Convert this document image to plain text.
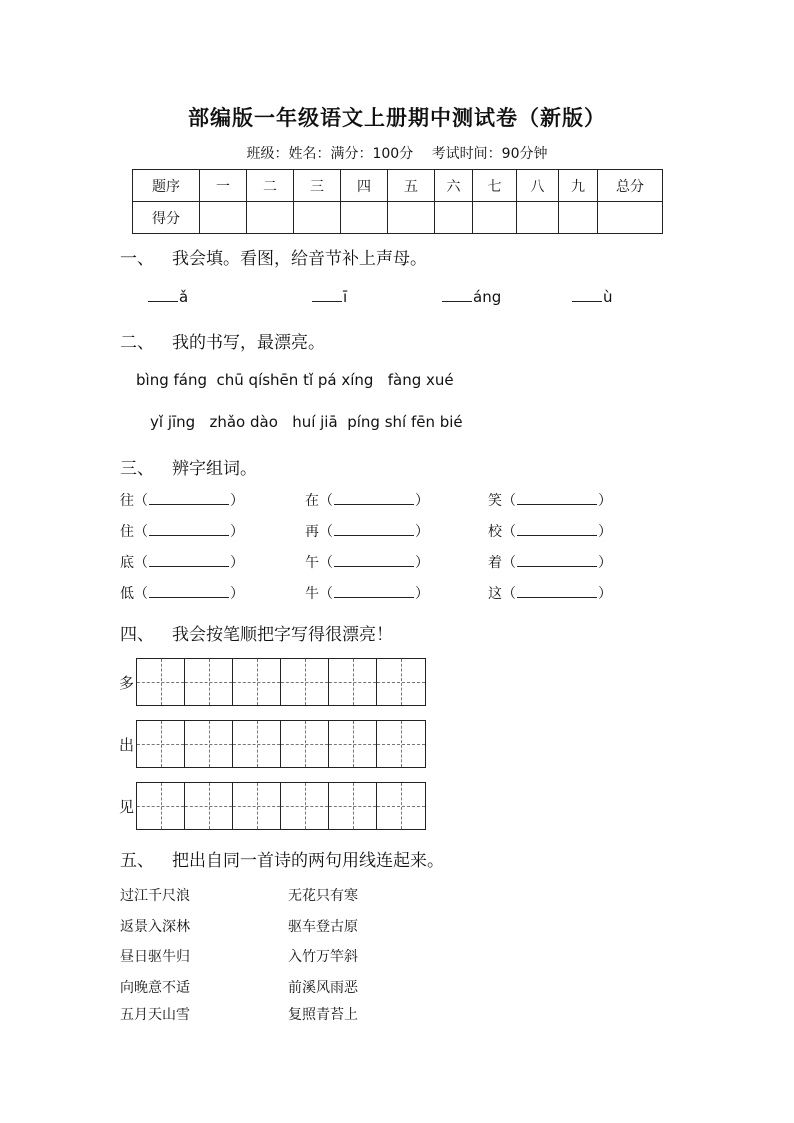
部编版一年级语文上册期中测试卷（新版）
班级：姓名：满分：100分 考试时间：90分钟
题序	一	二	三	四	五	六	七	八	九	总分
得分										
一、 我会填。看图，给音节补上声母。
ǎ	ī	áng	ù
二、 我的书写，最漂亮。
bìng fáng  chū qíshēn tǐ pá xíng   fàng xué
yǐ jīng   zhǎo dào   huí jiā  píng shí fēn bié
三、 辨字组词。
往（	）	在（	）	笑（	）
住（	）	再（	）	校（	）
底（	）	午（	）	着（	）
低（	）	牛（	）	这（	）
四、 我会按笔顺把字写得很漂亮！
多
出
见
五、 把出自同一首诗的两句用线连起来。
过江千尺浪	无花只有寒
返景入深林	驱车登古原
昼日驱牛归	入竹万竿斜
向晚意不适	前溪风雨恶
五月天山雪	复照青苔上
